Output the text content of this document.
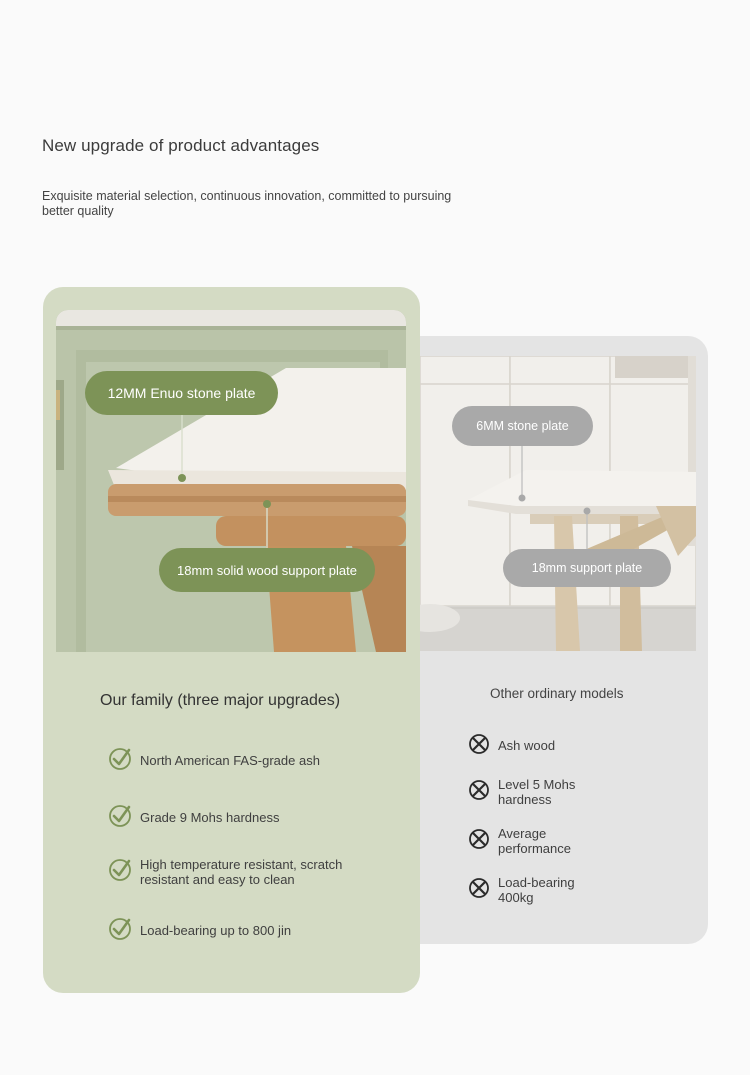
New upgrade of product advantages
Exquisite material selection, continuous innovation, committed to pursuing better quality
6MM stone plate
18mm support plate
Other ordinary models
Ash wood
Level 5 Mohs hardness
Average performance
Load-bearing 400kg
12MM Enuo stone plate
18mm solid wood support plate
Our family (three major upgrades)
North American FAS-grade ash
Grade 9 Mohs hardness
High temperature resistant, scratch resistant and easy to clean
Load-bearing up to 800 jin
